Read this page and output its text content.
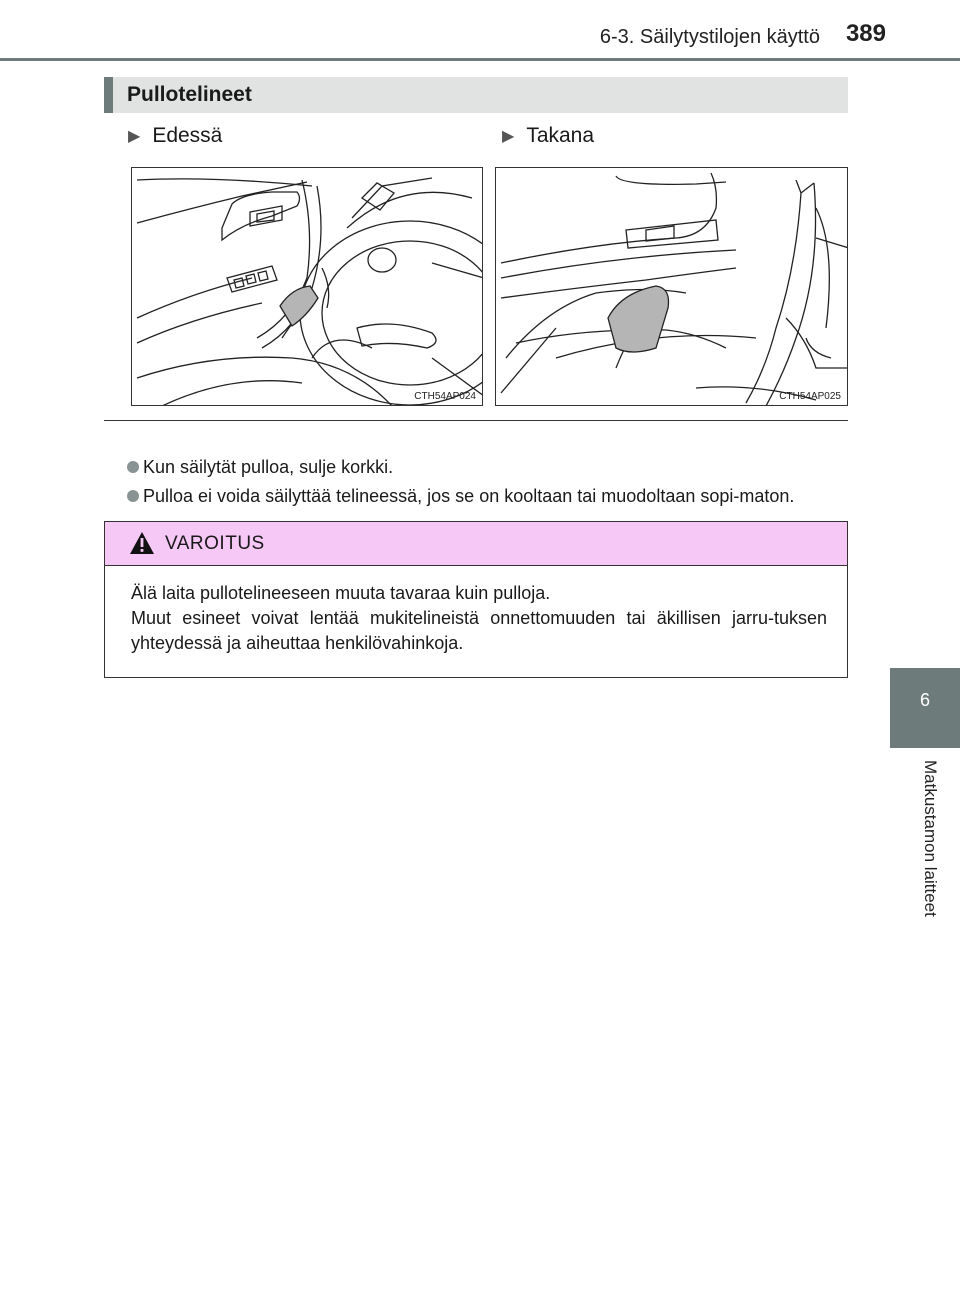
6-3. Säilytystilojen käyttö	389
6
Matkustamon laitteet
Pullotelineet
▶ Edessä	▶ Takana
CTH54AP024	CTH54AP025
Kun säilytät pulloa, sulje korkki.
Pulloa ei voida säilyttää telineessä, jos se on kooltaan tai muodoltaan sopi-maton.
VAROITUS
Älä laita pullotelineeseen muuta tavaraa kuin pulloja.
Muut esineet voivat lentää mukitelineistä onnettomuuden tai äkillisen jarru-tuksen yhteydessä ja aiheuttaa henkilövahinkoja.
